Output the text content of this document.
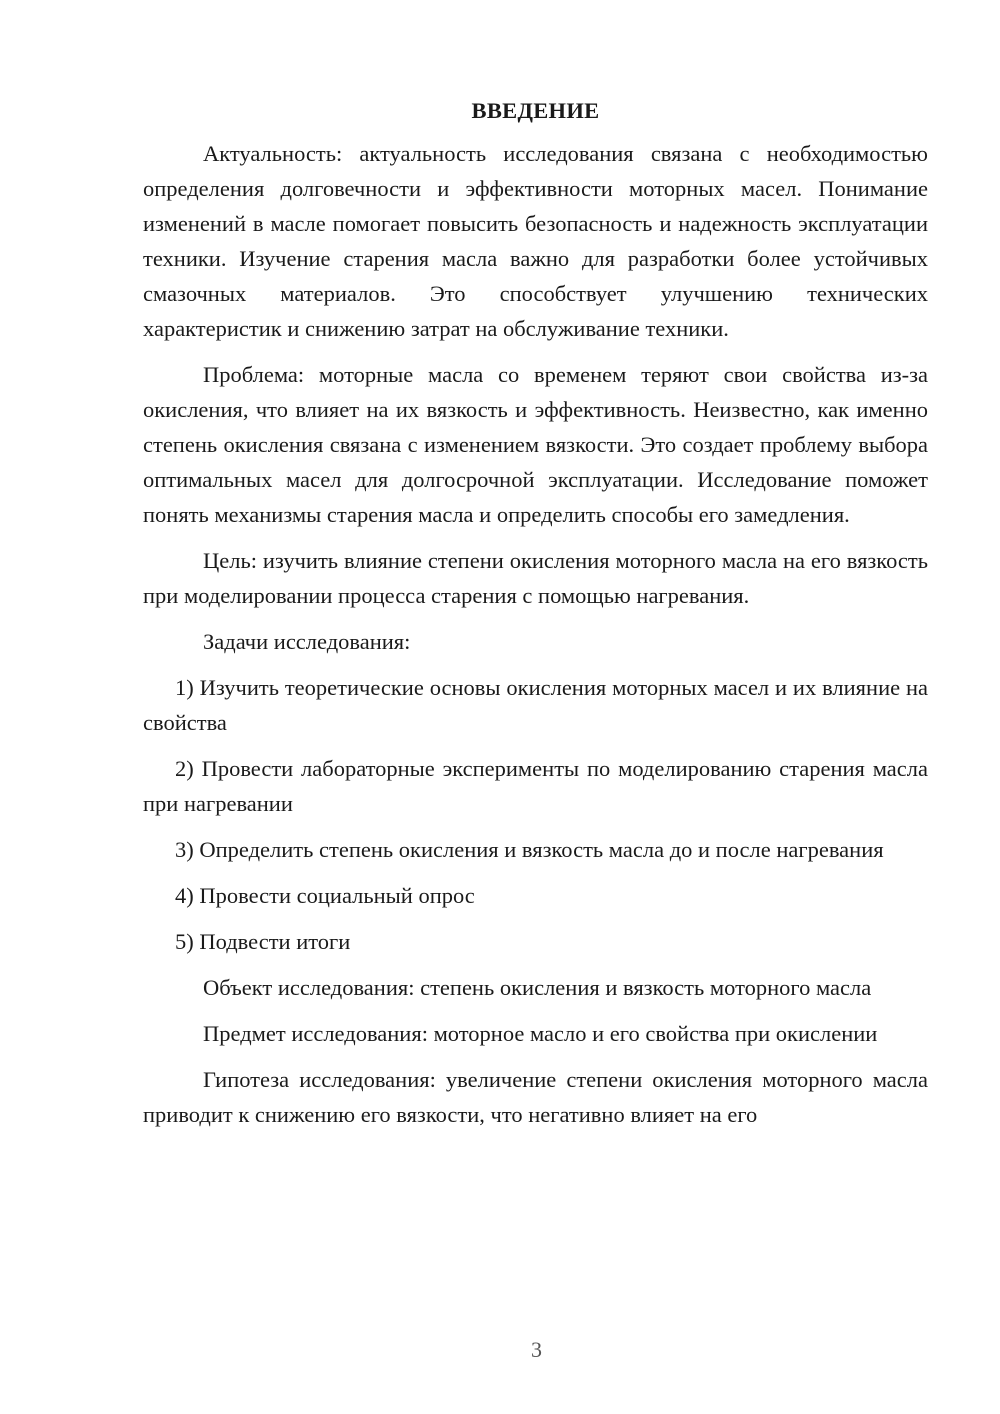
ВВЕДЕНИЕ

Актуальность: актуальность исследования связана с необходимостью определения долговечности и эффективности моторных масел. Понимание изменений в масле помогает повысить безопасность и надежность эксплуатации техники. Изучение старения масла важно для разработки более устойчивых смазочных материалов. Это способствует улучшению технических характеристик и снижению затрат на обслуживание техники.

Проблема: моторные масла со временем теряют свои свойства из-за окисления, что влияет на их вязкость и эффективность. Неизвестно, как именно степень окисления связана с изменением вязкости. Это создает проблему выбора оптимальных масел для долгосрочной эксплуатации. Исследование поможет понять механизмы старения масла и определить способы его замедления.

Цель: изучить влияние степени окисления моторного масла на его вязкость при моделировании процесса старения с помощью нагревания.

Задачи исследования:

1) Изучить теоретические основы окисления моторных масел и их влияние на свойства

2) Провести лабораторные эксперименты по моделированию старения масла при нагревании

3) Определить степень окисления и вязкость масла до и после нагревания

4) Провести социальный опрос

5) Подвести итоги

Объект исследования: степень окисления и вязкость моторного масла

Предмет исследования: моторное масло и его свойства при окислении

Гипотеза исследования: увеличение степени окисления моторного масла приводит к снижению его вязкости, что негативно влияет на его

3
